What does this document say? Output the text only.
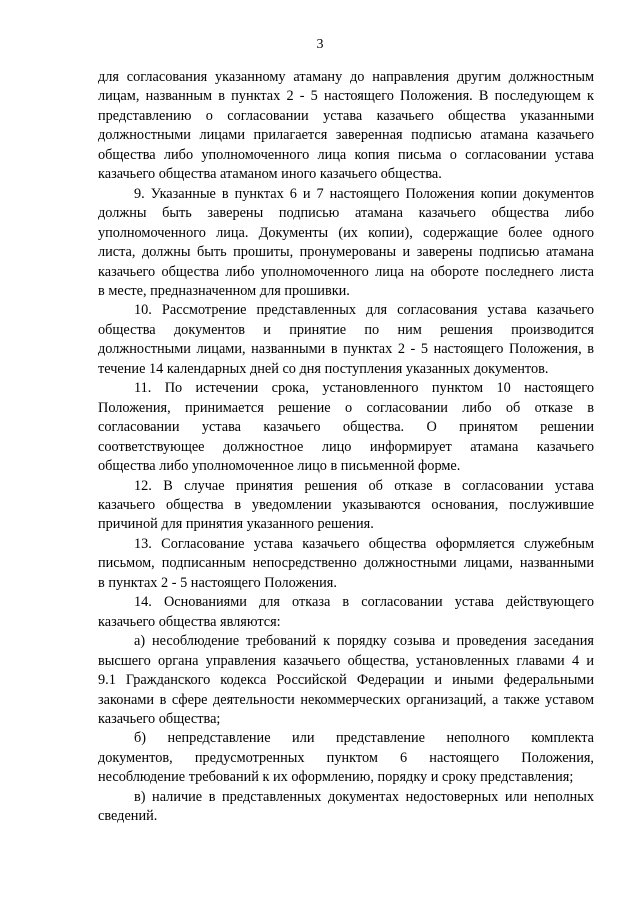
3
для согласования указанному атаману до направления другим должностным
лицам, названным в пунктах 2 - 5 настоящего Положения. В последующем к
представлению о согласовании устава казачьего общества указанными
должностными лицами прилагается заверенная подписью атамана казачьего
общества либо уполномоченного лица копия письма о согласовании устава
казачьего общества атаманом иного казачьего общества.
9. Указанные в пунктах 6 и 7 настоящего Положения копии документов
должны быть заверены подписью атамана казачьего общества либо
уполномоченного лица. Документы (их копии), содержащие более одного
листа, должны быть прошиты, пронумерованы и заверены подписью атамана
казачьего общества либо уполномоченного лица на обороте последнего листа
в месте, предназначенном для прошивки.
10. Рассмотрение представленных для согласования устава казачьего
общества документов и принятие по ним решения производится
должностными лицами, названными в пунктах 2 - 5 настоящего Положения, в
течение 14 календарных дней со дня поступления указанных документов.
11. По истечении срока, установленного пунктом 10 настоящего
Положения, принимается решение о согласовании либо об отказе в
согласовании устава казачьего общества. О принятом решении
соответствующее должностное лицо информирует атамана казачьего
общества либо уполномоченное лицо в письменной форме.
12. В случае принятия решения об отказе в согласовании устава
казачьего общества в уведомлении указываются основания, послужившие
причиной для принятия указанного решения.
13. Согласование устава казачьего общества оформляется служебным
письмом, подписанным непосредственно должностными лицами, названными
в пунктах 2 - 5 настоящего Положения.
14. Основаниями для отказа в согласовании устава действующего
казачьего общества являются:
а) несоблюдение требований к порядку созыва и проведения заседания
высшего органа управления казачьего общества, установленных главами 4 и
9.1 Гражданского кодекса Российской Федерации и иными федеральными
законами в сфере деятельности некоммерческих организаций, а также уставом
казачьего общества;
б) непредставление или представление неполного комплекта
документов, предусмотренных пунктом 6 настоящего Положения,
несоблюдение требований к их оформлению, порядку и сроку представления;
в) наличие в представленных документах недостоверных или неполных
сведений.
